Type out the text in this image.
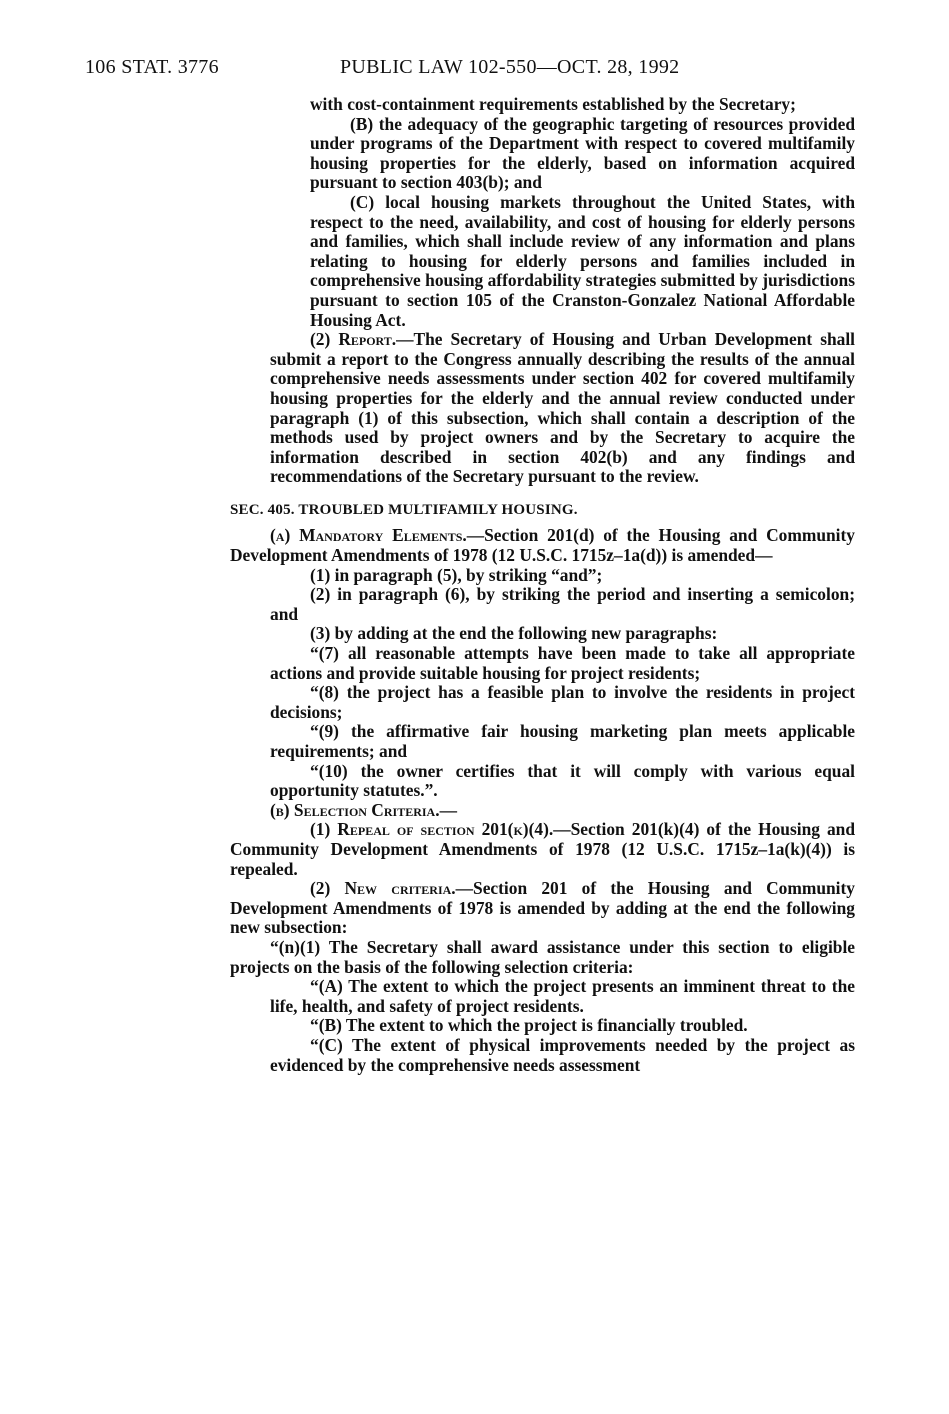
106 STAT. 3776	PUBLIC LAW 102-550—OCT. 28, 1992

with cost-containment requirements established by the Secretary;

(B) the adequacy of the geographic targeting of resources provided under programs of the Department with respect to covered multifamily housing properties for the elderly, based on information acquired pursuant to section 403(b); and

(C) local housing markets throughout the United States, with respect to the need, availability, and cost of housing for elderly persons and families, which shall include review of any information and plans relating to housing for elderly persons and families included in comprehensive housing affordability strategies submitted by jurisdictions pursuant to section 105 of the Cranston-Gonzalez National Affordable Housing Act.

(2) Report.—The Secretary of Housing and Urban Development shall submit a report to the Congress annually describing the results of the annual comprehensive needs assessments under section 402 for covered multifamily housing properties for the elderly and the annual review conducted under paragraph (1) of this subsection, which shall contain a description of the methods used by project owners and by the Secretary to acquire the information described in section 402(b) and any findings and recommendations of the Secretary pursuant to the review.

SEC. 405. TROUBLED MULTIFAMILY HOUSING.

(a) Mandatory Elements.—Section 201(d) of the Housing and Community Development Amendments of 1978 (12 U.S.C. 1715z–1a(d)) is amended—

(1) in paragraph (5), by striking “and”;

(2) in paragraph (6), by striking the period and inserting a semicolon; and

(3) by adding at the end the following new paragraphs:

“(7) all reasonable attempts have been made to take all appropriate actions and provide suitable housing for project residents;

“(8) the project has a feasible plan to involve the residents in project decisions;

“(9) the affirmative fair housing marketing plan meets applicable requirements; and

“(10) the owner certifies that it will comply with various equal opportunity statutes.”.

(b) Selection Criteria.—

(1) Repeal of section 201(k)(4).—Section 201(k)(4) of the Housing and Community Development Amendments of 1978 (12 U.S.C. 1715z–1a(k)(4)) is repealed.

(2) New criteria.—Section 201 of the Housing and Community Development Amendments of 1978 is amended by adding at the end the following new subsection:

“(n)(1) The Secretary shall award assistance under this section to eligible projects on the basis of the following selection criteria:

“(A) The extent to which the project presents an imminent threat to the life, health, and safety of project residents.

“(B) The extent to which the project is financially troubled.

“(C) The extent of physical improvements needed by the project as evidenced by the comprehensive needs assessment
